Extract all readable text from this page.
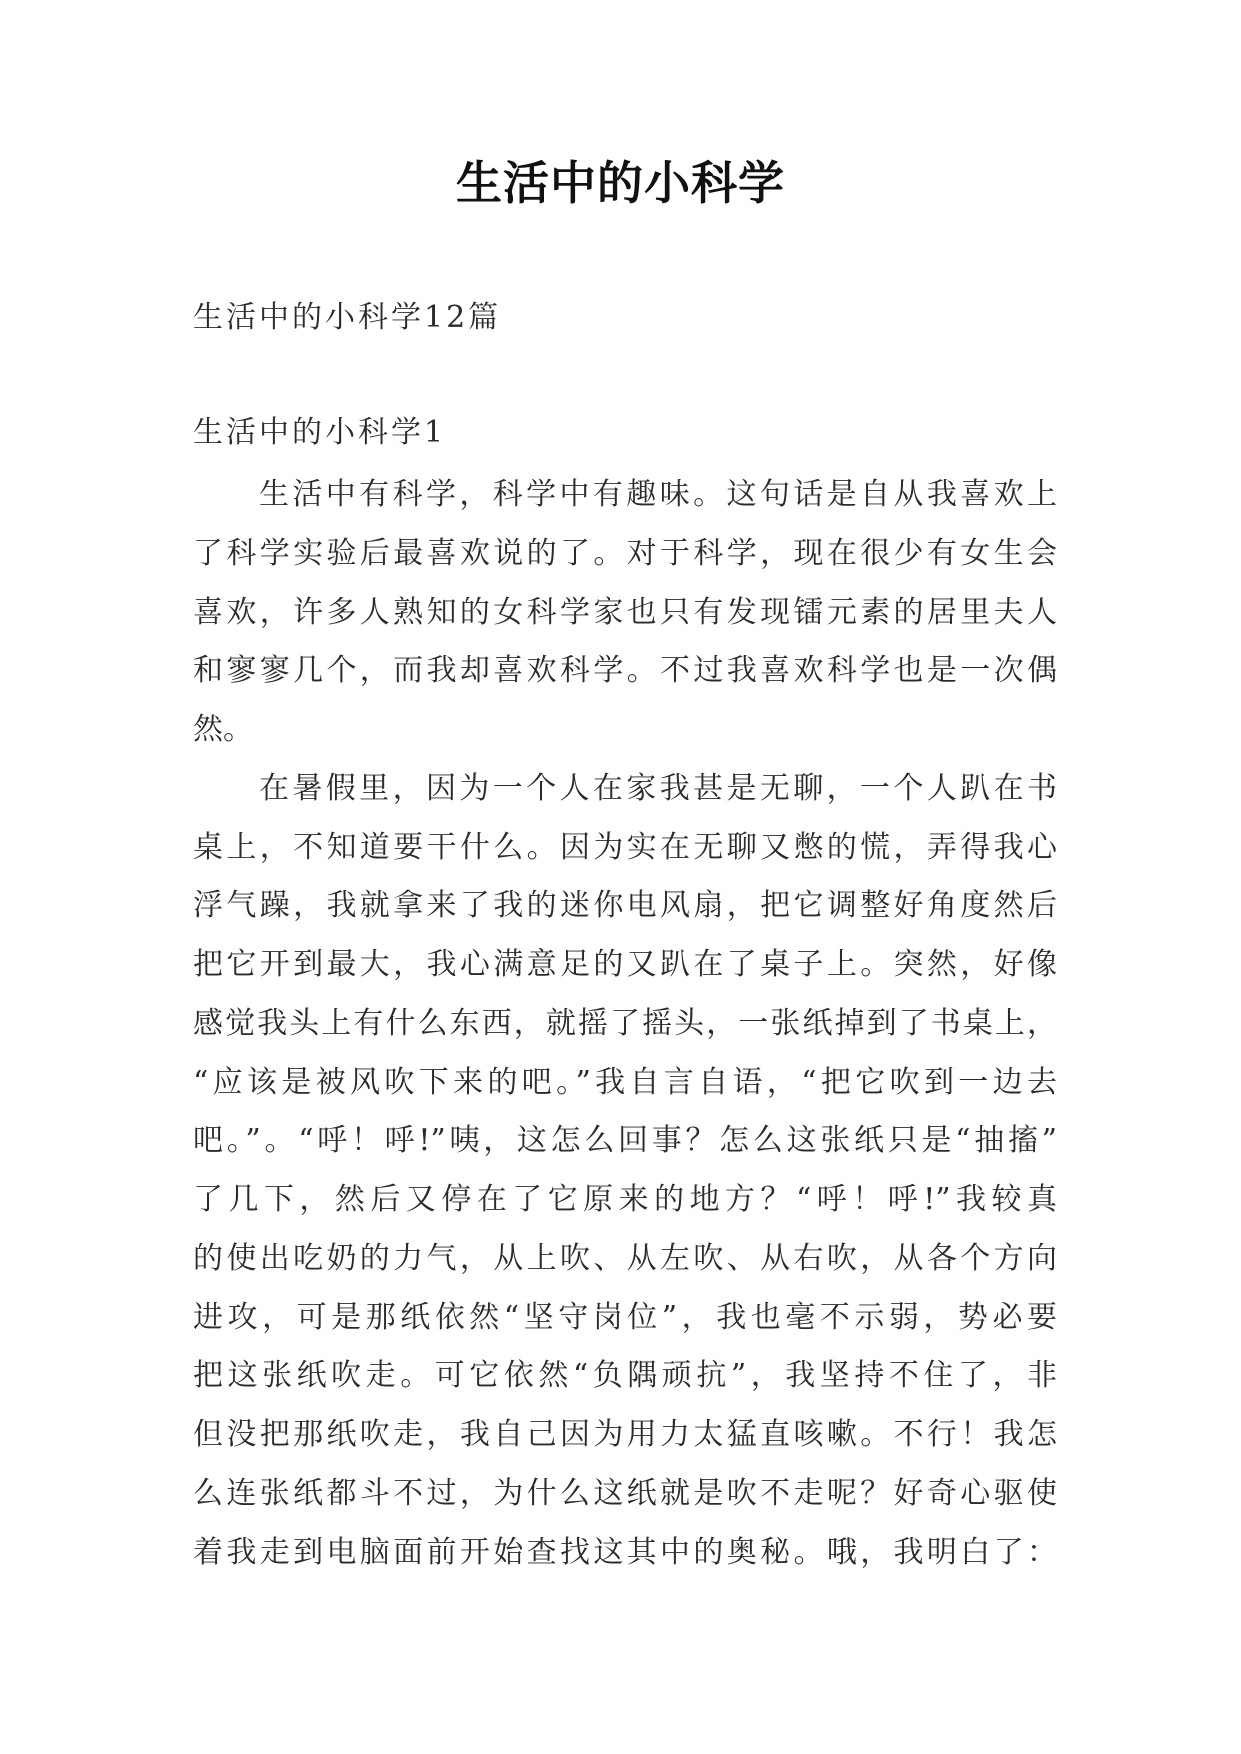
生活中的小科学
生活中的小科学12篇
生活中的小科学1
生活中有科学，科学中有趣味。这句话是自从我喜欢上
了科学实验后最喜欢说的了。对于科学，现在很少有女生会
喜欢，许多人熟知的女科学家也只有发现镭元素的居里夫人
和寥寥几个，而我却喜欢科学。不过我喜欢科学也是一次偶
然。
在暑假里，因为一个人在家我甚是无聊，一个人趴在书
桌上，不知道要干什么。因为实在无聊又憋的慌，弄得我心
浮气躁，我就拿来了我的迷你电风扇，把它调整好角度然后
把它开到最大，我心满意足的又趴在了桌子上。突然，好像
感觉我头上有什么东西，就摇了摇头，一张纸掉到了书桌上，
“应该是被风吹下来的吧。”我自言自语，“把它吹到一边去
吧。”。“呼！呼!”咦，这怎么回事？怎么这张纸只是“抽搐”
了几下，然后又停在了它原来的地方？“呼！呼!”我较真
的使出吃奶的力气，从上吹、从左吹、从右吹，从各个方向
进攻，可是那纸依然“坚守岗位”，我也毫不示弱，势必要
把这张纸吹走。可它依然“负隅顽抗”，我坚持不住了，非
但没把那纸吹走，我自己因为用力太猛直咳嗽。不行！我怎
么连张纸都斗不过，为什么这纸就是吹不走呢？好奇心驱使
着我走到电脑面前开始查找这其中的奥秘。哦，我明白了：
